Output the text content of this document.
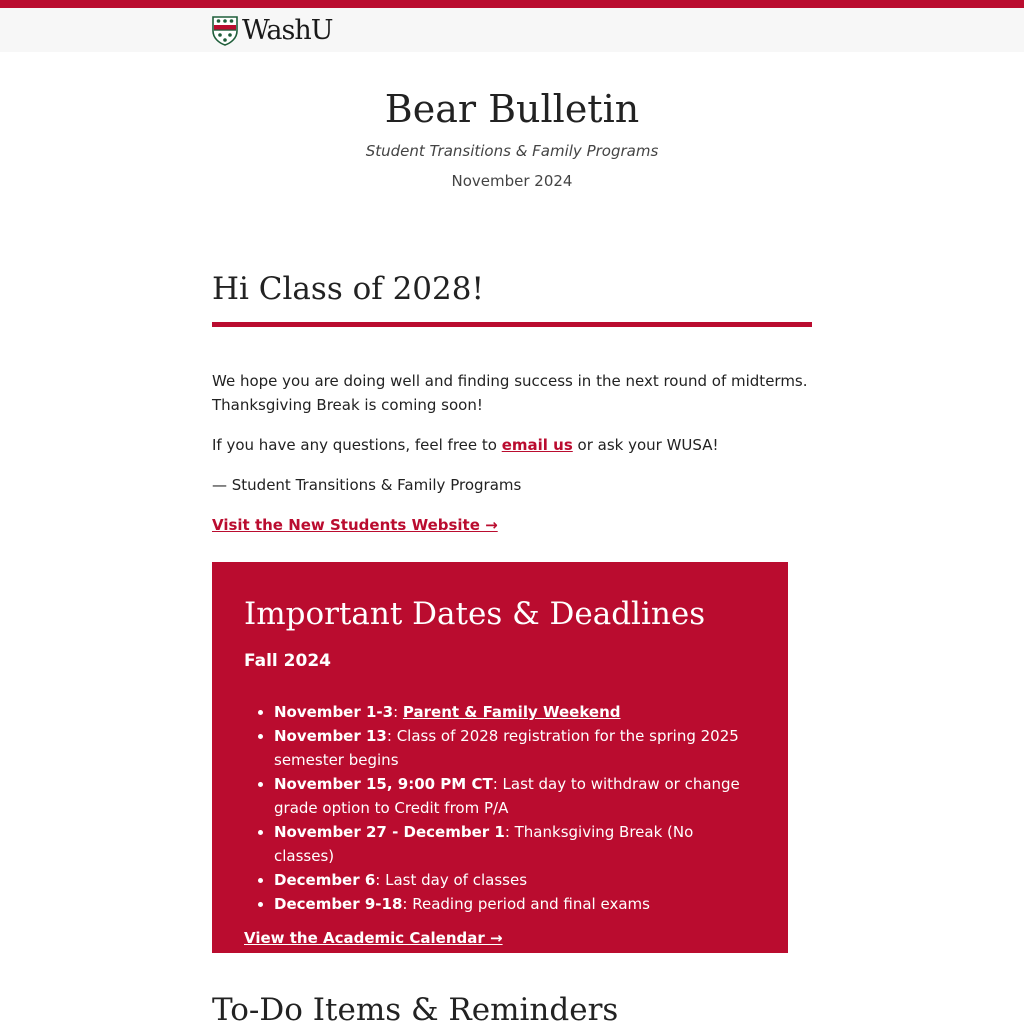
WashU
Bear Bulletin
Student Transitions & Family Programs
November 2024
Hi Class of 2028!

We hope you are doing well and finding success in the next round of midterms. Thanksgiving Break is coming soon!

If you have any questions, feel free to email us or ask your WUSA!

— Student Transitions & Family Programs

Visit the New Students Website →

Important Dates & Deadlines
Fall 2024
• November 1-3: Parent & Family Weekend
• November 13: Class of 2028 registration for the spring 2025 semester begins
• November 15, 9:00 PM CT: Last day to withdraw or change grade option to Credit from P/A
• November 27 - December 1: Thanksgiving Break (No classes)
• December 6: Last day of classes
• December 9-18: Reading period and final exams
View the Academic Calendar →
To-Do Items & Reminders
